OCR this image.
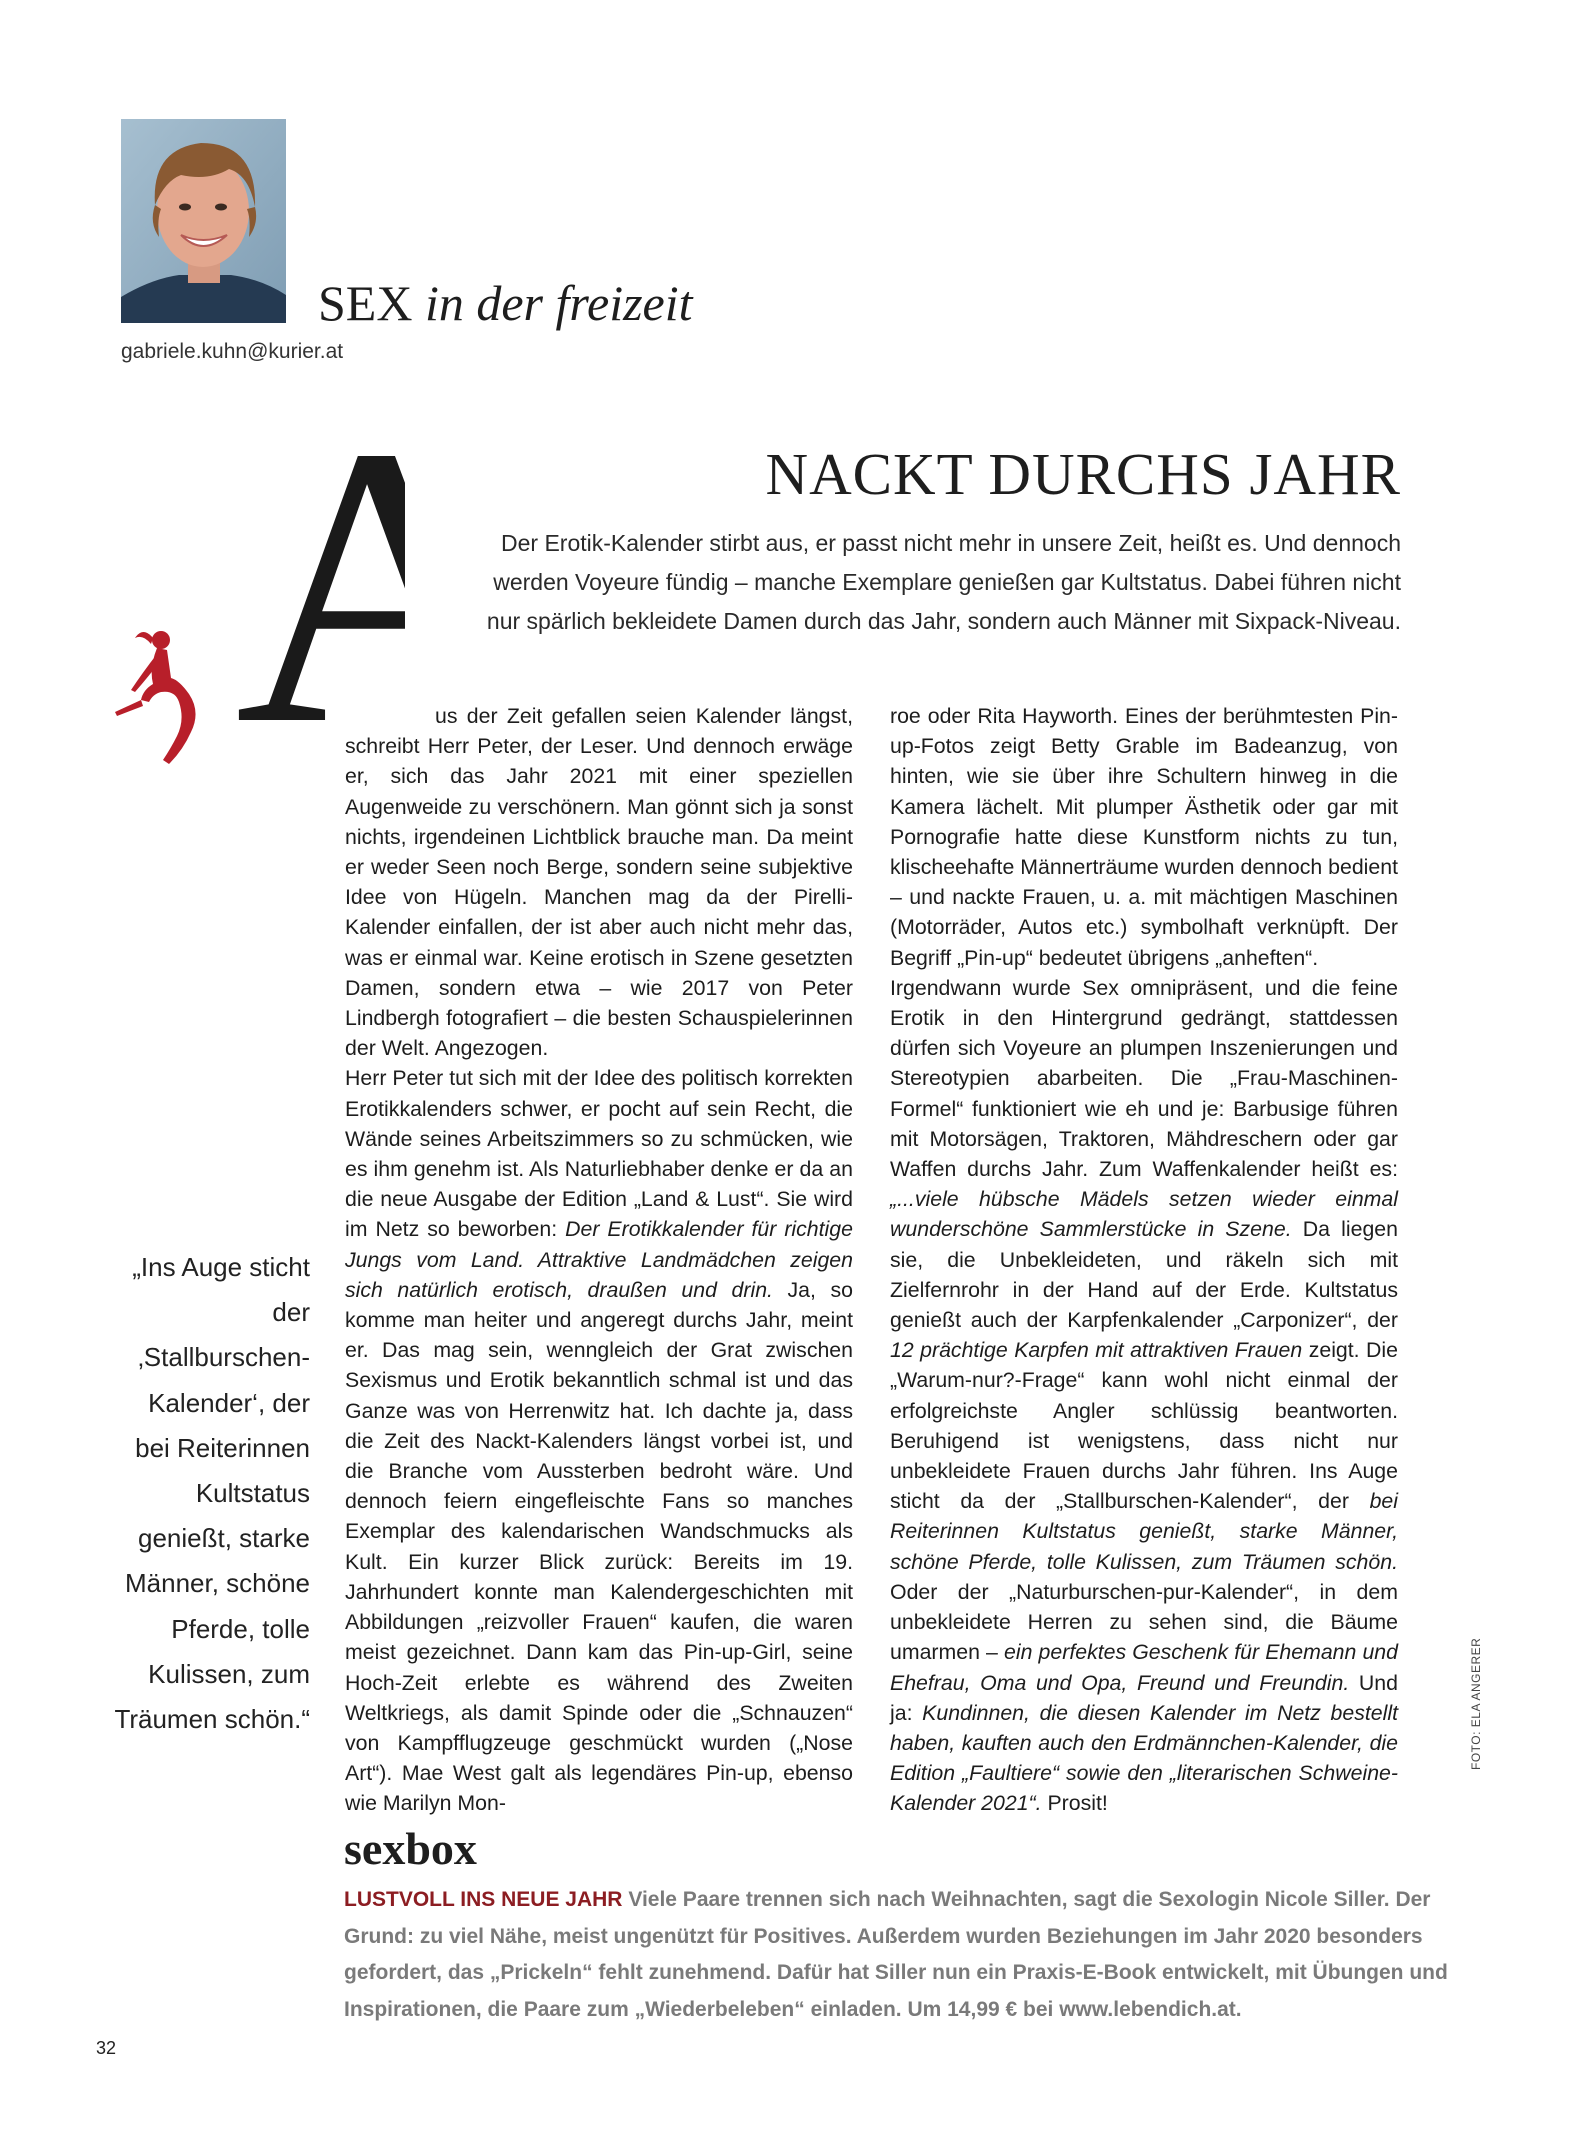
SEX in der freizeit
gabriele.kuhn@kurier.at
A	NACKT DURCHS JAHR
Der Erotik-Kalender stirbt aus, er passt nicht mehr in unsere Zeit, heißt es. Und dennoch werden Voyeure fündig – manche Exemplare genießen gar Kultstatus. Dabei führen nicht nur spärlich bekleidete Damen durch das Jahr, sondern auch Männer mit Sixpack-Niveau.

us der Zeit gefallen seien Kalender längst, schreibt Herr Peter, der Leser. Und dennoch erwäge er, sich das Jahr 2021 mit einer speziellen Augenweide zu verschönern. Man gönnt sich ja sonst nichts, irgendeinen Lichtblick brauche man. Da meint er weder Seen noch Berge, sondern seine subjektive Idee von Hügeln. Manchen mag da der Pirelli-Kalender einfallen, der ist aber auch nicht mehr das, was er einmal war. Keine erotisch in Szene gesetzten Damen, sondern etwa – wie 2017 von Peter Lindbergh fotografiert – die besten Schauspielerinnen der Welt. Angezogen.

Herr Peter tut sich mit der Idee des politisch korrekten Erotikkalenders schwer, er pocht auf sein Recht, die Wände seines Arbeitszimmers so zu schmücken, wie es ihm genehm ist. Als Naturliebhaber denke er da an die neue Ausgabe der Edition „Land & Lust“. Sie wird im Netz so beworben: Der Erotikkalender für richtige Jungs vom Land. Attraktive Landmädchen zeigen sich natürlich erotisch, draußen und drin. Ja, so komme man heiter und angeregt durchs Jahr, meint er. Das mag sein, wenngleich der Grat zwischen Sexismus und Erotik bekanntlich schmal ist und das Ganze was von Herrenwitz hat. Ich dachte ja, dass die Zeit des Nackt-Kalenders längst vorbei ist, und die Branche vom Aussterben bedroht wäre. Und dennoch feiern eingefleischte Fans so manches Exemplar des kalendarischen Wandschmucks als Kult. Ein kurzer Blick zurück: Bereits im 19. Jahrhundert konnte man Kalendergeschichten mit Abbildungen „reizvoller Frauen“ kaufen, die waren meist gezeichnet. Dann kam das Pin-up-Girl, seine Hoch-Zeit erlebte es während des Zweiten Weltkriegs, als damit Spinde oder die „Schnauzen“ von Kampfflugzeuge geschmückt wurden („Nose Art“). Mae West galt als legendäres Pin-up, ebenso wie Marilyn Mon-

roe oder Rita Hayworth. Eines der berühmtesten Pin-up-Fotos zeigt Betty Grable im Badeanzug, von hinten, wie sie über ihre Schultern hinweg in die Kamera lächelt. Mit plumper Ästhetik oder gar mit Pornografie hatte diese Kunstform nichts zu tun, klischeehafte Männerträume wurden dennoch bedient – und nackte Frauen, u. a. mit mächtigen Maschinen (Motorräder, Autos etc.) symbolhaft verknüpft. Der Begriff „Pin-up“ bedeutet übrigens „anheften“.

Irgendwann wurde Sex omnipräsent, und die feine Erotik in den Hintergrund gedrängt, stattdessen dürfen sich Voyeure an plumpen Inszenierungen und Stereotypien abarbeiten. Die „Frau-Maschinen-Formel“ funktioniert wie eh und je: Barbusige führen mit Motorsägen, Traktoren, Mähdreschern oder gar Waffen durchs Jahr. Zum Waffenkalender heißt es: „...viele hübsche Mädels setzen wieder einmal wunderschöne Sammlerstücke in Szene. Da liegen sie, die Unbekleideten, und räkeln sich mit Zielfernrohr in der Hand auf der Erde. Kultstatus genießt auch der Karpfenkalender „Carponizer“, der 12 prächtige Karpfen mit attraktiven Frauen zeigt. Die „Warum-nur?-Frage“ kann wohl nicht einmal der erfolgreichste Angler schlüssig beantworten. Beruhigend ist wenigstens, dass nicht nur unbekleidete Frauen durchs Jahr führen. Ins Auge sticht da der „Stallburschen-Kalender“, der bei Reiterinnen Kultstatus genießt, starke Männer, schöne Pferde, tolle Kulissen, zum Träumen schön. Oder der „Naturburschen-pur-Kalender“, in dem unbekleidete Herren zu sehen sind, die Bäume umarmen – ein perfektes Geschenk für Ehemann und Ehefrau, Oma und Opa, Freund und Freundin. Und ja: Kundinnen, die diesen Kalender im Netz bestellt haben, kauften auch den Erdmännchen-Kalender, die Edition „Faultiere“ sowie den „literarischen Schweine-Kalender 2021“. Prosit!

„Ins Auge sticht der ‚Stallburschen-Kalender‘, der bei Reiterinnen Kultstatus genießt, starke Männer, schöne Pferde, tolle Kulissen, zum Träumen schön.“	FOTO: ELA ANGERER
sexbox
LUSTVOLL INS NEUE JAHR Viele Paare trennen sich nach Weihnachten, sagt die Sexologin Nicole Siller. Der Grund: zu viel Nähe, meist ungenützt für Positives. Außerdem wurden Beziehungen im Jahr 2020 besonders gefordert, das „Prickeln“ fehlt zunehmend. Dafür hat Siller nun ein Praxis-E-Book entwickelt, mit Übungen und Inspirationen, die Paare zum „Wiederbeleben“ einladen. Um 14,99 € bei www.lebendich.at.
32
